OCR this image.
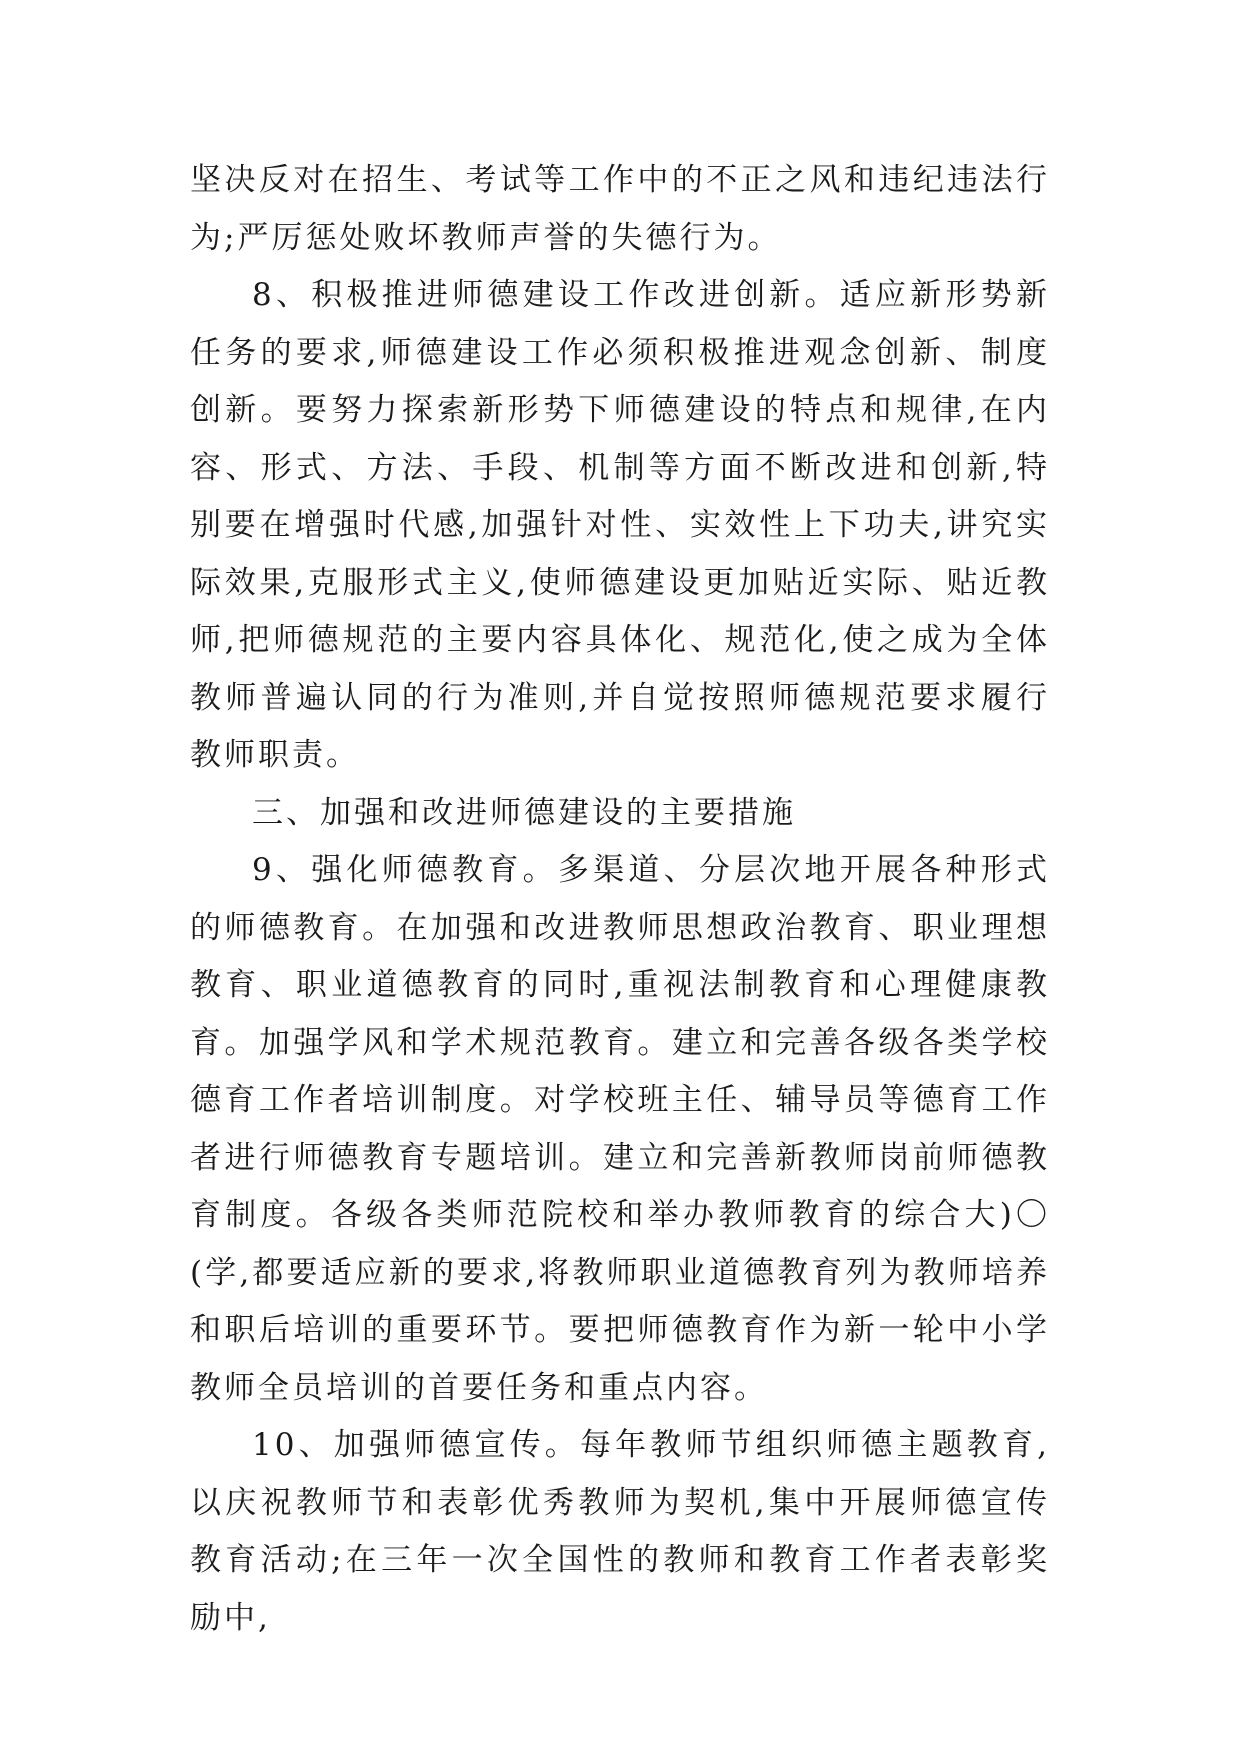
坚决反对在招生、考试等工作中的不正之风和违纪违法行为;严厉惩处败坏教师声誉的失德行为。

8、积极推进师德建设工作改进创新。适应新形势新任务的要求,师德建设工作必须积极推进观念创新、制度创新。要努力探索新形势下师德建设的特点和规律,在内容、形式、方法、手段、机制等方面不断改进和创新,特别要在增强时代感,加强针对性、实效性上下功夫,讲究实际效果,克服形式主义,使师德建设更加贴近实际、贴近教师,把师德规范的主要内容具体化、规范化,使之成为全体教师普遍认同的行为准则,并自觉按照师德规范要求履行教师职责。

三、加强和改进师德建设的主要措施

9、强化师德教育。多渠道、分层次地开展各种形式的师德教育。在加强和改进教师思想政治教育、职业理想教育、职业道德教育的同时,重视法制教育和心理健康教育。加强学风和学术规范教育。建立和完善各级各类学校德育工作者培训制度。对学校班主任、辅导员等德育工作者进行师德教育专题培训。建立和完善新教师岗前师德教育制度。各级各类师范院校和举办教师教育的综合大)〇(学,都要适应新的要求,将教师职业道德教育列为教师培养和职后培训的重要环节。要把师德教育作为新一轮中小学教师全员培训的首要任务和重点内容。

10、加强师德宣传。每年教师节组织师德主题教育,以庆祝教师节和表彰优秀教师为契机,集中开展师德宣传教育活动;在三年一次全国性的教师和教育工作者表彰奖励中,
